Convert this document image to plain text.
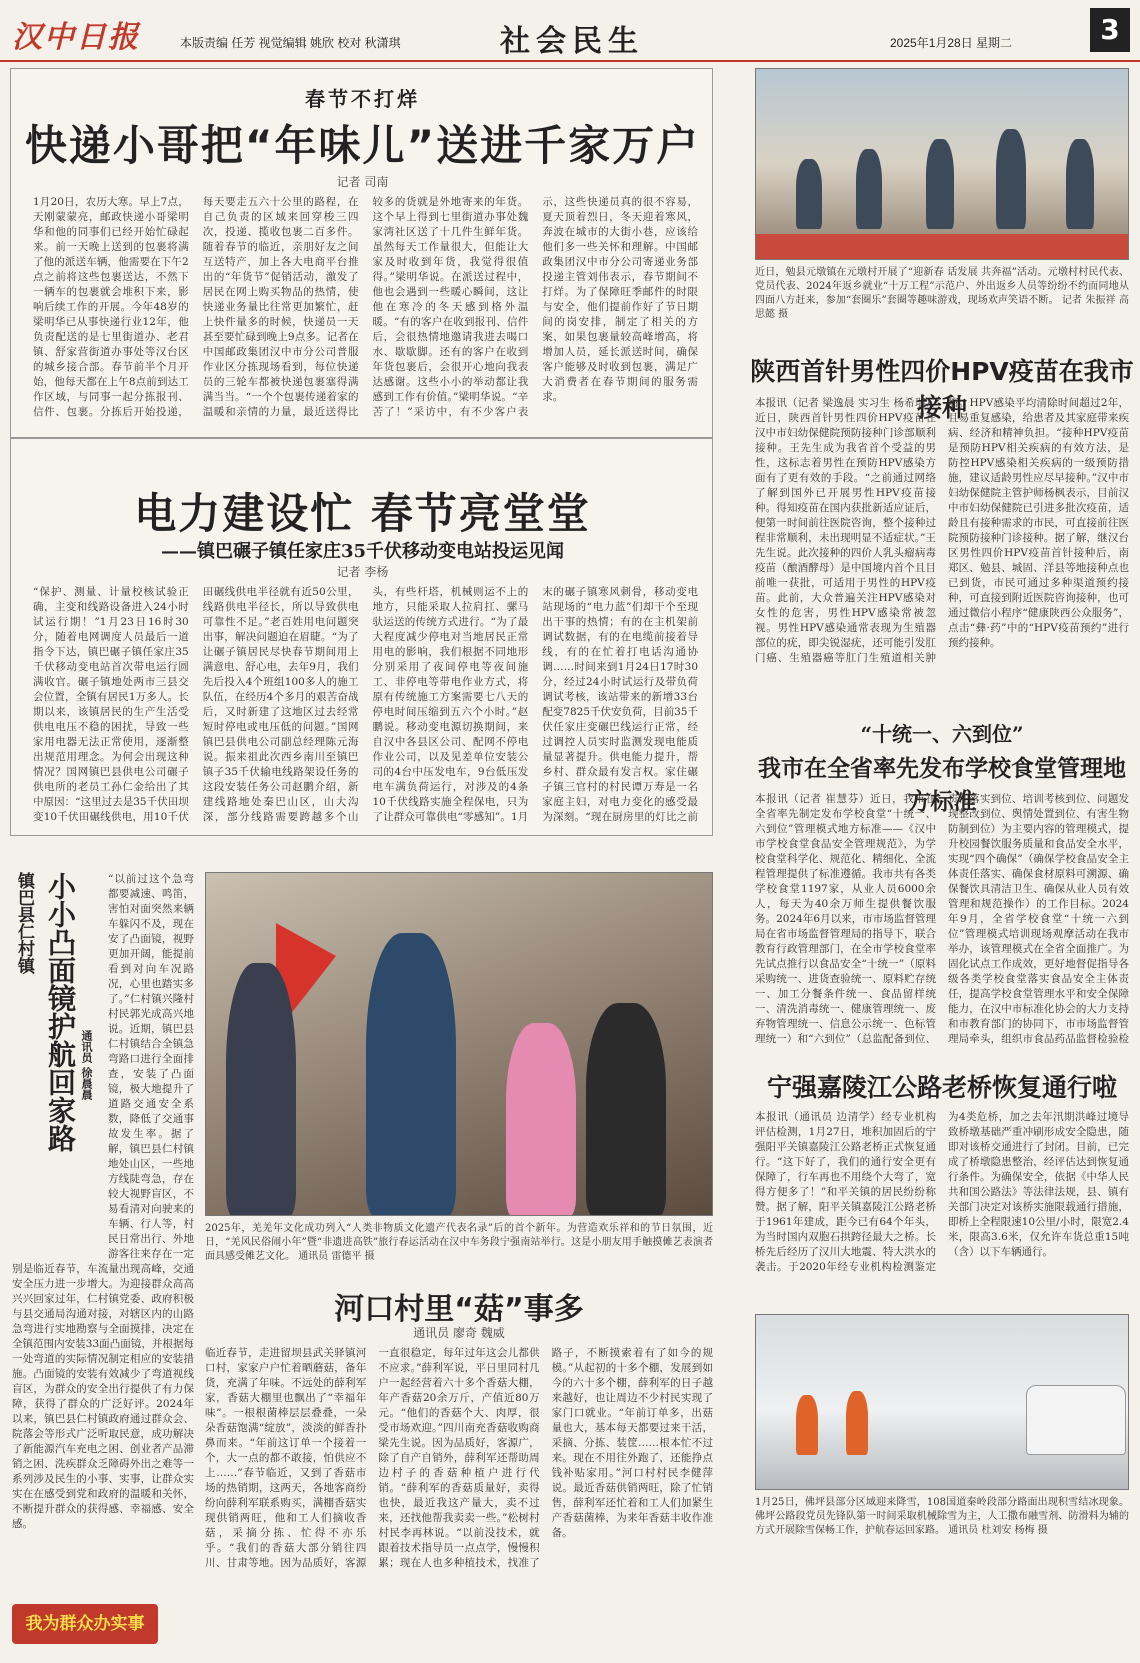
汉中日报	本版责编 任芳 视觉编辑 姚欣 校对 秋潇琪	社会民生	2025年1月28日 星期二	3
春节不打烊
快递小哥把“年味儿”送进千家万户
记者 司南
1月20日，农历大寒。早上7点，天刚蒙蒙亮，邮政快递小哥梁明华和他的同事们已经开始忙碌起来。前一天晚上送到的包裹将满了他的派送车辆，他需要在下午2点之前将这些包裹送达，不然下一辆车的包裹就会堆积下来，影响后续工作的开展。今年48岁的梁明华已从事快递行业12年，他负责配送的是七里街道办、老君镇、舒家营街道办事处等汉台区的城乡接合部。春节前半个月开始，他每天都在上午8点前到达工作区域，与同事一起分拣报刊、信件、包裹。分拣后开始投递，每天要走五六十公里的路程，在自己负责的区域来回穿梭三四次，投递、揽收包裹二百多件。随着春节的临近，亲朋好友之间互送特产，加上各大电商平台推出的“年货节”促销活动，激发了居民在网上购买物品的热情，使快递业务量比往常更加繁忙，赶上快件量多的时候，快递员一天甚至要忙碌到晚上9点多。记者在中国邮政集团汉中市分公司普服作业区分拣现场看到，每位快递员的三轮车都被快递包裹塞得满满当当。“一个个包裹传递着家的温暖和亲情的力量，最近送得比较多的货就是外地寄来的年货。这个早上得到七里街道办事处魏家湾社区送了十几件生鲜年货。虽然每天工作量很大，但能让大家及时收到年货，我觉得很值得。”梁明华说。在派送过程中，他也会遇到一些暖心瞬间，这让他在寒冷的冬天感到格外温暖。“有的客户在收到报刊、信件后，会很热情地邀请我进去喝口水、歇歇脚。还有的客户在收到年货包裹后，会很开心地向我表达感谢。这些小小的举动都让我感到工作有价值。”梁明华说。“辛苦了！”采访中，有不少客户表示，这些快递员真的很不容易，夏天顶着烈日，冬天迎着寒风，奔波在城市的大街小巷，应该给他们多一些关怀和理解。中国邮政集团汉中市分公司寄递业务部投递主管刘伟表示，春节期间不打烊。为了保障旺季邮件的时限与安全，他们提前作好了节日期间的岗安排，制定了相关的方案，如果包裹量较高峰增高，将增加人员，延长派送时间，确保客户能够及时收到包裹，满足广大消费者在春节期间的服务需求。
电力建设忙 春节亮堂堂
——镇巴碾子镇任家庄35千伏移动变电站投运见闻
记者 李杨
“保护、测量、计量校核试验正确，主变和线路设备进入24小时试运行期！”1月23日16时30分，随着电网调度人员最后一道指令下达，镇巴碾子镇任家庄35千伏移动变电站首次带电运行圆满收官。碾子镇地处两市三县交会位置，全镇有居民1万多人。长期以来，该镇居民的生产生活受供电电压不稳的困扰，导致一些家用电器无法正常使用，逐渐整出规范用理念。为何会出现这种情况？国网镇巴县供电公司碾子供电所的老员工孙仁金给出了其中原因：“这里过去是35千伏田坝变10千伏田碾线供电，用10千伏田碾线供电半径就有近50公里，线路供电半径长，所以导致供电可靠性不足。”老百姓用电问题突出事，解决问题迫在眉睫。“为了让碾子镇居民尽快春节期间用上满意电、舒心电，去年9月，我们先后投入4个班组100多人的施工队伍，在经历4个多月的艰苦奋战后，又时新建了这地区过去经常短时停电或电压低的问题。”国网镇巴县供电公司副总经理陈元海说。振来祖此次西乡南川至镇巴镇子35千伏输电线路架设任务的这段安装任务公司赵鹏介绍，新建线路地处秦巴山区，山大沟深，部分线路需要跨越多个山头，有些杆塔，机械则运不上的地方，只能采取人拉肩扛、骡马驮运送的传统方式进行。“为了最大程度减少停电对当地居民正常用电的影响，我们根据不同地形分别采用了夜间停电等夜间施工、非停电等带电作业方式，将原有传统施工方案需要七八天的停电时间压缩到五六个小时。”赵鹏说。移动变电源切换期间，来自汉中各县区公司、配网不停电作业公司，以及见差单位安装公司的4台中压发电车，9台低压发电车满负荷运行，对涉及的4条10千伏线路实施全程保电，只为了让群众可靠供电“零感知”。1月末的碾子镇寒风刺骨，移动变电站现场的“电力蓝”们却干个至现出干事的热情；有的在主机架前调试数据，有的在电缆前接着导线，有的在忙着打电话沟通协调……时间来到1月24日17时30分，经过24小时试运行及带负荷调试考核，该站带来的新增33台配变7825千伏安负荷，目前35千伏任家庄变碾巴线运行正常，经过调控人员实时监测发现电能质量显著提升。供电能力提升，帮乡村、群众最有发言权。家住碾子镇三官村的村民谭万寿是一名家庭主妇，对电力变化的感受最为深刻。“现在厨房里的灯比之前
近日，勉县元墩镇在元墩村开展了“迎新春 话发展 共奔福”活动。元墩村村民代表、党员代表、2024年返乡就业“十万工程”示范户、外出返乡人员等纷纷不约而同地从四面八方赶来，参加“套圈乐”套圈等趣味游戏，现场欢声笑语不断。 记者 朱振祥 高思懿 摄
陕西首针男性四价HPV疫苗在我市接种
本报讯（记者 梁逸晨 实习生 杨希瑞）近日，陕西首针男性四价HPV疫苗在汉中市妇幼保健院预防接种门诊部顺利接种。王先生成为我省首个受益的男性，这标志着男性在预防HPV感染方面有了更有效的手段。“之前通过网络了解到国外已开展男性HPV疫苗接种。得知疫苗在国内获批新适应证后，便第一时间前往医院咨询，整个接种过程非常顺利，未出现明显不适症状。”王先生说。此次接种的四价人乳头瘤病毒疫苗（酿酒酵母）是中国境内首个且目前唯一获批，可适用于男性的HPV疫苗。此前，大众普遍关注HPV感染对女性的危害，男性HPV感染常被忽视。男性HPV感染通常表现为生殖器部位的疣，即尖锐湿疣，还可能引发肛门癌、生殖器癌等肛门生殖道相关肿瘤。HPV感染平均清除时间超过2年，且易重复感染，给患者及其家庭带来疾病、经济和精神负担。“接种HPV疫苗是预防HPV相关疾病的有效方法，是防控HPV感染相关疾病的一级预防措施，建议适龄男性应尽早接种。”汉中市妇幼保健院主管护师杨枫表示，目前汉中市妇幼保健院已引进多批次疫苗，适龄且有接种需求的市民，可直接前往医院预防接种门诊接种。据了解，继汉台区男性四价HPV疫苗首针接种后，南郑区、勉县、城固、洋县等地接种点也已到货，市民可通过多种渠道预约接种，可直接到附近医院咨询接种，也可通过微信小程序“健康陕西公众服务”，点击“彝·药”中的“HPV疫苗预约”进行预约接种。
“十统一、六到位”
我市在全省率先发布学校食堂管理地方标准
本报讯（记者 崔慧芬）近日，我市在全省率先制定发布学校食堂“十统一、六到位”管理模式地方标准——《汉中市学校食堂食品安全管理规范》，为学校食堂科学化、规范化、精细化、全流程管理提供了标准遵循。我市共有各类学校食堂1197家，从业人员6000余人，每天为40余万师生提供餐饮服务。2024年6月以来，市市场监督管理局在省市场监督管理局的指导下，联合教育行政管理部门，在全市学校食堂率先试点推行以食品安全“十统一”（原料采购统一、进货查验统一、原料贮存统一、加工分餐条件统一、食品留样统一、清洗消毒统一、健康管理统一、废弃物管理统一、信息公示统一、色标管理统一）和“六到位”（总监配备到位、责任落实到位、培训考核到位、问题发现整改到位、舆情处置到位、有害生物防制到位）为主要内容的管理模式，提升校园餐饮服务质量和食品安全水平，实现“四个确保”（确保学校食品安全主体责任落实、确保食材原料可溯源、确保餐饮具清洁卫生、确保从业人员有效管理和规范操作）的工作目标。2024年9月，全省学校食堂“十统一六到位”管理模式培训现场观摩活动在我市举办，该管理模式在全省全面推广。为固化试点工作成效，更好地督促指导各级各类学校食堂落实食品安全主体责任，提高学校食堂管理水平和安全保障能力，在汉中市标准化协会的大力支持和市教育部门的协同下，市市场监督管理局牵头，组织市食品药品监督检验检
镇巴县仁村镇 小小凸面镜护航回家路 通讯员 徐晨晨
“以前过这个急弯都要减速、鸣笛，害怕对面突然来辆车躲闪不及，现在安了凸面镜，视野更加开阔，能提前看到对向车况路况，心里也踏实多了。”仁村镇兴隆村村民郭光成高兴地说。近期，镇巴县仁村镇结合全镇急弯路口进行全面排查，安装了凸面镜，极大地提升了道路交通安全系数，降低了交通事故发生率。据了解，镇巴县仁村镇地处山区，一些地方线陡弯急，存在较大视野盲区，不易看清对向驶来的车辆、行人等，村民日常出行、外地游客往来存在一定
别是临近春节，车流量出现高峰，交通安全压力进一步增大。为迎接群众高高兴兴回家过年，仁村镇党委、政府积极与县交通局沟通对接，对辖区内的山路急弯进行实地勘察与全面摸排，决定在全镇范围内安装33面凸面镜，并根据每一处弯道的实际情况制定相应的安装措施。凸面镜的安装有效减少了弯道视线盲区，为群众的安全出行提供了有力保障，获得了群众的广泛好评。2024年以来，镇巴县仁村镇政府通过群众会、院落会等形式广泛听取民意，成功解决了新能源汽车充电之困、创业者产品滞销之困、洗疾群众乏障碍外出之难等一系列涉及民生的小事、实事，让群众实实在在感受到党和政府的温暖和关怀，不断提升群众的获得感、幸福感、安全感。
我为群众办实事
2025年，羌羌年文化成功列入“人类非物质文化遗产代表名录”后的首个新年。为营造欢乐祥和的节日氛围，近日，“羌风民俗闹小年”暨“非遗进高铁”旅行春运活动在汉中车务段宁强南站举行。这是小朋友用手触摸傩艺表演者面具感受傩艺文化。 通讯员 雷德平 摄
宁强嘉陵江公路老桥恢复通行啦
本报讯（通讯员 边清学）经专业机构评估检测，1月27日，堆积加固后的宁强阳平关镇嘉陵江公路老桥正式恢复通行。“这下好了，我们的通行安全更有保障了，行车再也不用绕个大弯了，宽得方便多了！”和平关镇的居民纷纷称赞。据了解，阳平关镇嘉陵江公路老桥于1961年建成，距今已有64个年头，为当时国内双胞石拱跨径最大之桥。长桥先后经历了汉川大地震、特大洪水的袭击。于2020年经专业机构检测鉴定为4类危桥，加之去年汛期洪峰过境导致桥墩基础严重冲刷形成安全隐患，随即对该桥交通进行了封闭。目前，已完成了桥墩隐患整治，经评估达到恢复通行条件。为确保安全，依据《中华人民共和国公路法》等法律法规，县、镇有关部门决定对该桥实施限载通行措施，即桥上全程限速10公里/小时，限宽2.4米，限高3.6米，仅允许车货总重15吨（含）以下车辆通行。
河口村里“菇”事多
通讯员 廖奇 魏威
临近春节，走进留坝县武关驿镇河口村，家家户户忙着晒蘑菇，备年货，充满了年味。不远处的薛利军家，香菇大棚里也飘出了“幸福年味”。一根根菌棒层层叠叠，一朵朵香菇饱满“绽放”，淡淡的鲜香扑鼻而来。“年前这订单一个接着一个，大一点的都不敢接，怕供应不上……”春节临近，又到了香菇市场的热销期，这两天，各地客商纷纷向薛利军联系购买，满棚香菇实现供销两旺，他和工人们摘收香菇，采摘分拣、忙得不亦乐乎。“我们的香菇大部分销往四川、甘肃等地。因为品质好，客源一直很稳定，每年过年这会儿都供不应求。”薛利军说，平日里同村几户一起经营着六十多个香菇大棚，年产香菇20余万斤，产值近80万元。“他们的香菇个大、肉厚，很受市场欢迎。”四川南充香菇收购商梁先生说。因为品质好，客源广，除了自产自销外，薛利军还帮助周边村子的香菇种植户进行代销。“薛利军的香菇质量好，卖得也快，最近我这产量大，卖不过来，还找他帮我卖卖一些。”松树村村民李再林说。“以前没技术，就跟着技术指导员一点点学，慢慢积累；现在人也多种植技术，找准了路子，不断摸索着有了如今的规模。”从起初的十多个棚，发展到如今的六十多个棚，薛利军的日子越来越好，也让周边不少村民实现了家门口就业。“年前订单多，出菇量也大，基本每天都要过来干活，采摘、分拣、装筐……根本忙不过来。现在不用往外跑了，还能挣点钱补贴家用。”河口村村民李健萍说。最近香菇供销两旺，除了忙销售，薛利军还忙着和工人们加紧生产香菇菌棒，为来年香菇丰收作准备。
1月25日，佛坪县部分区域迎来降雪，108国道秦岭段部分路面出现积雪结冰现象。佛坪公路段党员先锋队第一时间采取机械除雪为主，人工撒布融雪剂、防滑料为辅的方式开展除雪保畅工作，护航春运回家路。 通讯员 杜刘安 杨梅 摄
